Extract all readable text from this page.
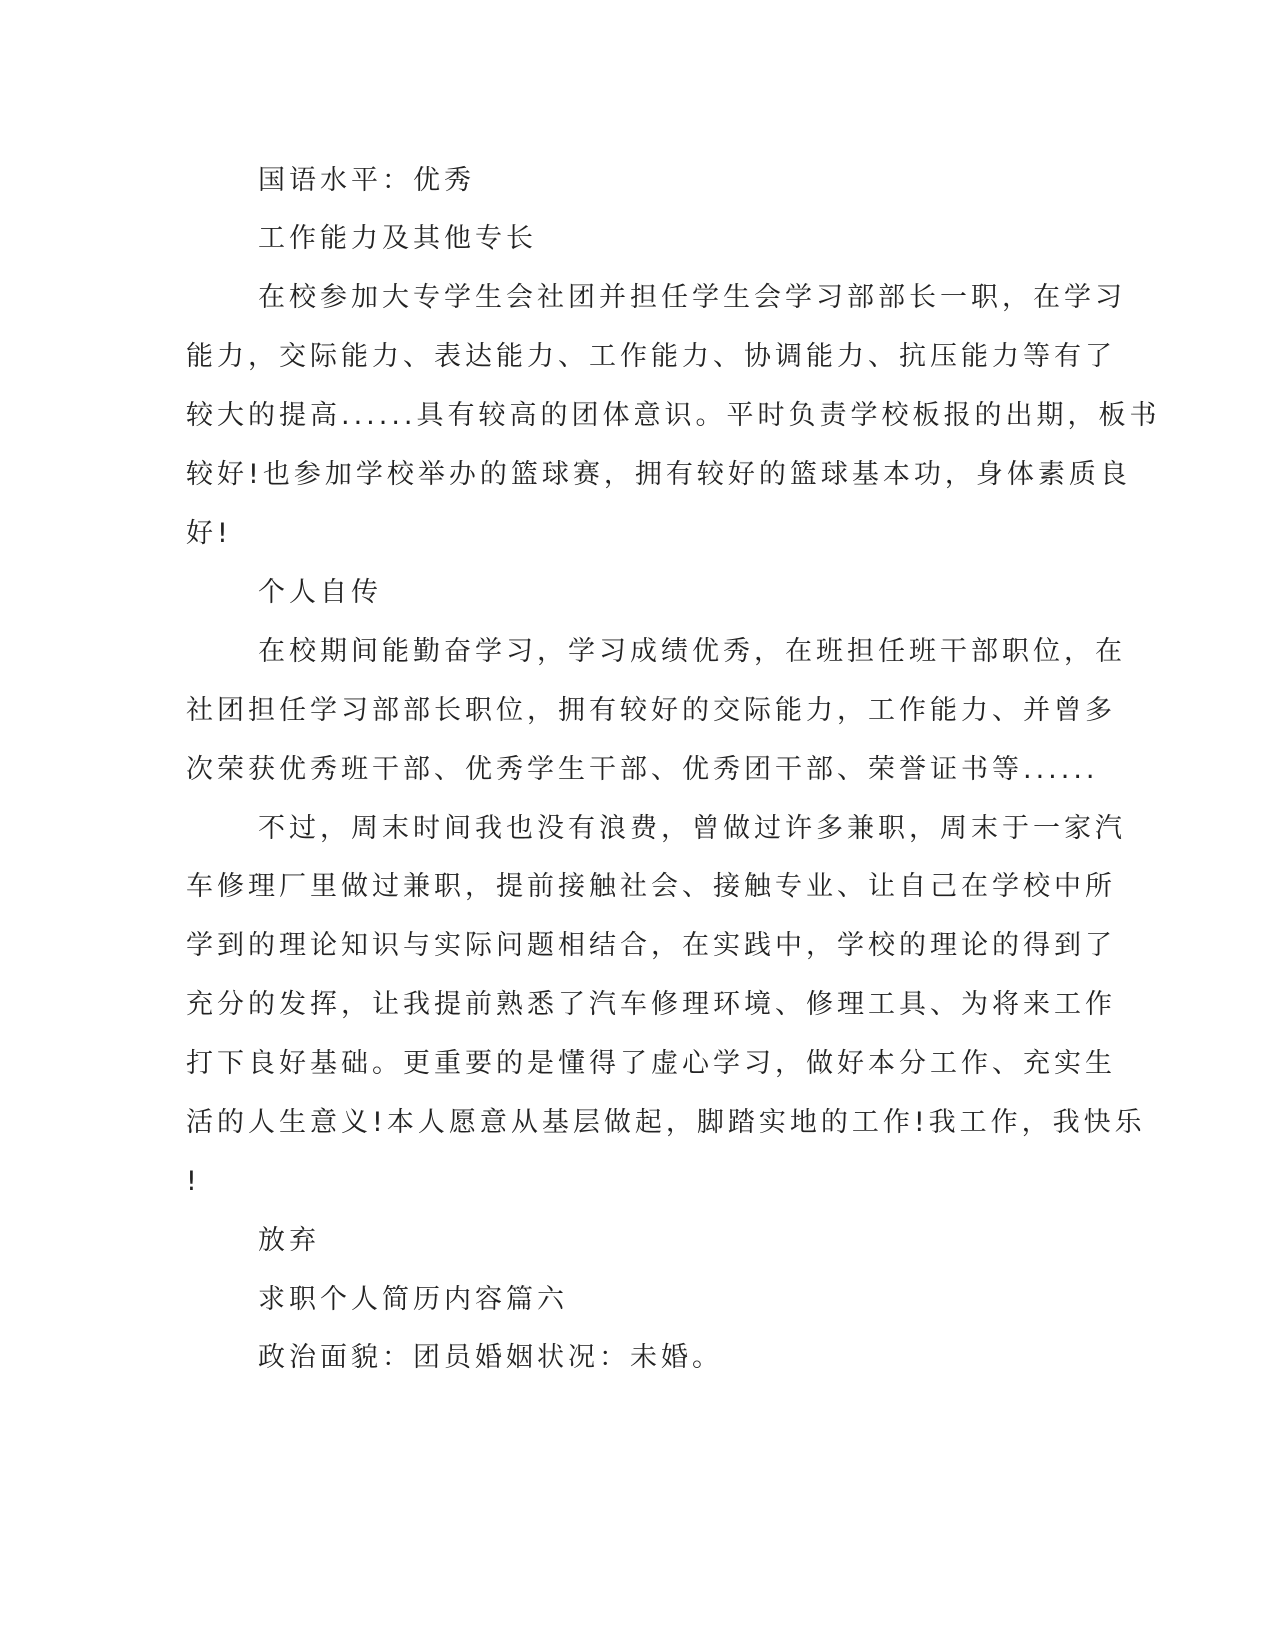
国语水平：优秀
工作能力及其他专长
在校参加大专学生会社团并担任学生会学习部部长一职，在学习
能力，交际能力、表达能力、工作能力、协调能力、抗压能力等有了
较大的提高......具有较高的团体意识。平时负责学校板报的出期，板书
较好!也参加学校举办的篮球赛，拥有较好的篮球基本功，身体素质良
好!
个人自传
在校期间能勤奋学习，学习成绩优秀，在班担任班干部职位，在
社团担任学习部部长职位，拥有较好的交际能力，工作能力、并曾多
次荣获优秀班干部、优秀学生干部、优秀团干部、荣誉证书等......
不过，周末时间我也没有浪费，曾做过许多兼职，周末于一家汽
车修理厂里做过兼职，提前接触社会、接触专业、让自己在学校中所
学到的理论知识与实际问题相结合，在实践中，学校的理论的得到了
充分的发挥，让我提前熟悉了汽车修理环境、修理工具、为将来工作
打下良好基础。更重要的是懂得了虚心学习，做好本分工作、充实生
活的人生意义!本人愿意从基层做起，脚踏实地的工作!我工作，我快乐
!
放弃
求职个人简历内容篇六
政治面貌：团员婚姻状况：未婚。
